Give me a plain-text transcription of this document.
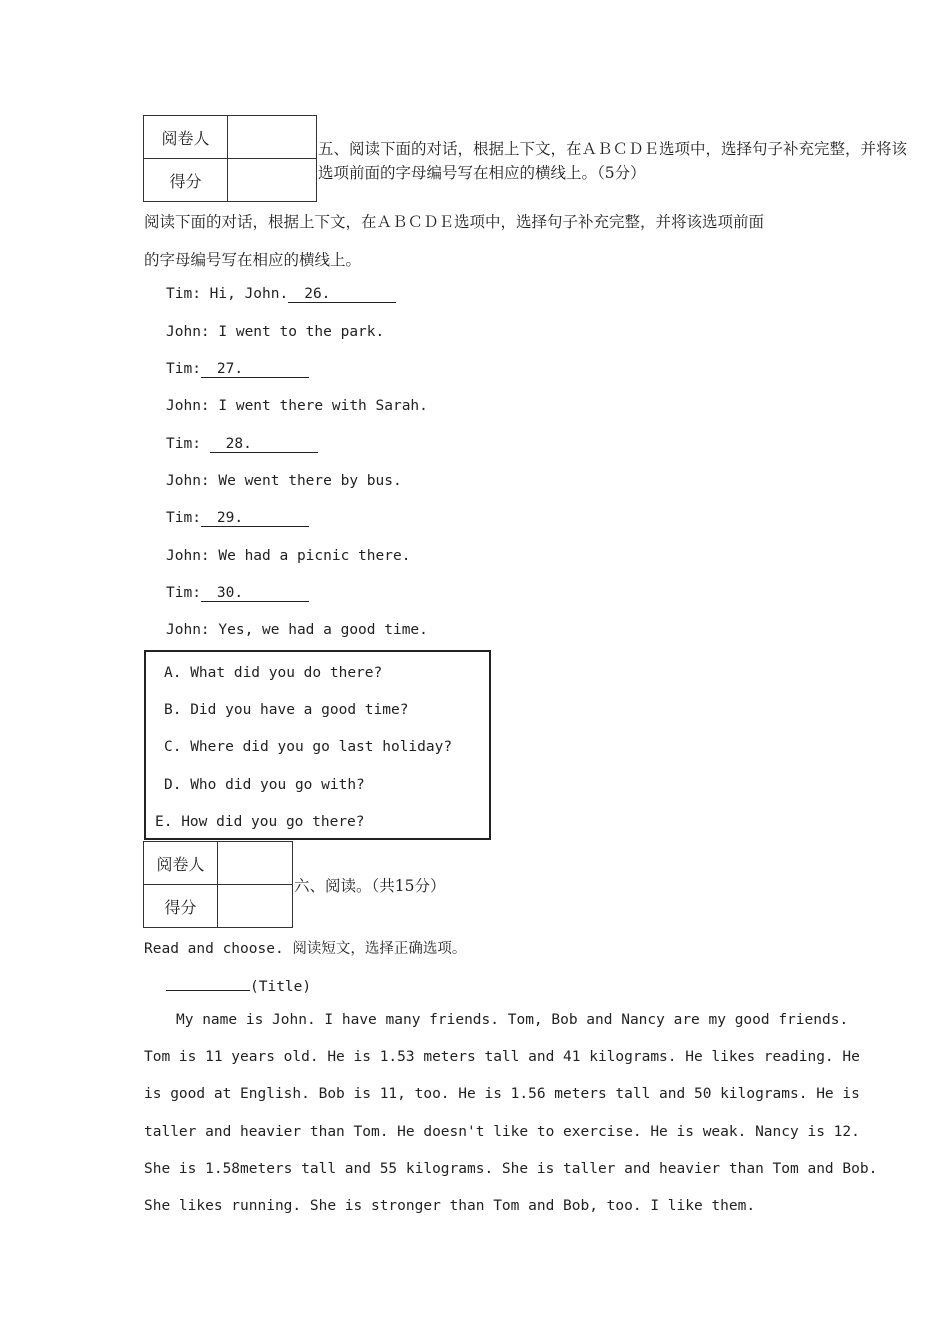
阅卷人	
得分	
五、阅读下面的对话，根据上下文，在ＡＢＣＤＥ选项中，选择句子补充完整，并将该
选项前面的字母编号写在相应的横线上。（5分）
阅读下面的对话，根据上下文，在ＡＢＣＤＥ选项中，选择句子补充完整，并将该选项前面
的字母编号写在相应的横线上。
Tim: Hi, John. 26.
John: I went to the park.
Tim: 27.
John: I went there with Sarah.
Tim: 28.
John: We went there by bus.
Tim: 29.
John: We had a picnic there.
Tim: 30.
John: Yes, we had a good time.
A. What did you do there?
B. Did you have a good time?
C. Where did you go last holiday?
D. Who did you go with?
E. How did you go there?
阅卷人	
得分	
六、阅读。（共15分）
Read and choose. 阅读短文，选择正确选项。
(Title)
My name is John. I have many friends. Tom, Bob and Nancy are my good friends.
Tom is 11 years old. He is 1.53 meters tall and 41 kilograms. He likes reading. He
is good at English. Bob is 11, too. He is 1.56 meters tall and 50 kilograms. He is
taller and heavier than Tom. He doesn't like to exercise. He is weak. Nancy is 12.
She is 1.58meters tall and 55 kilograms. She is taller and heavier than Tom and Bob.
She likes running. She is stronger than Tom and Bob, too. I like them.
